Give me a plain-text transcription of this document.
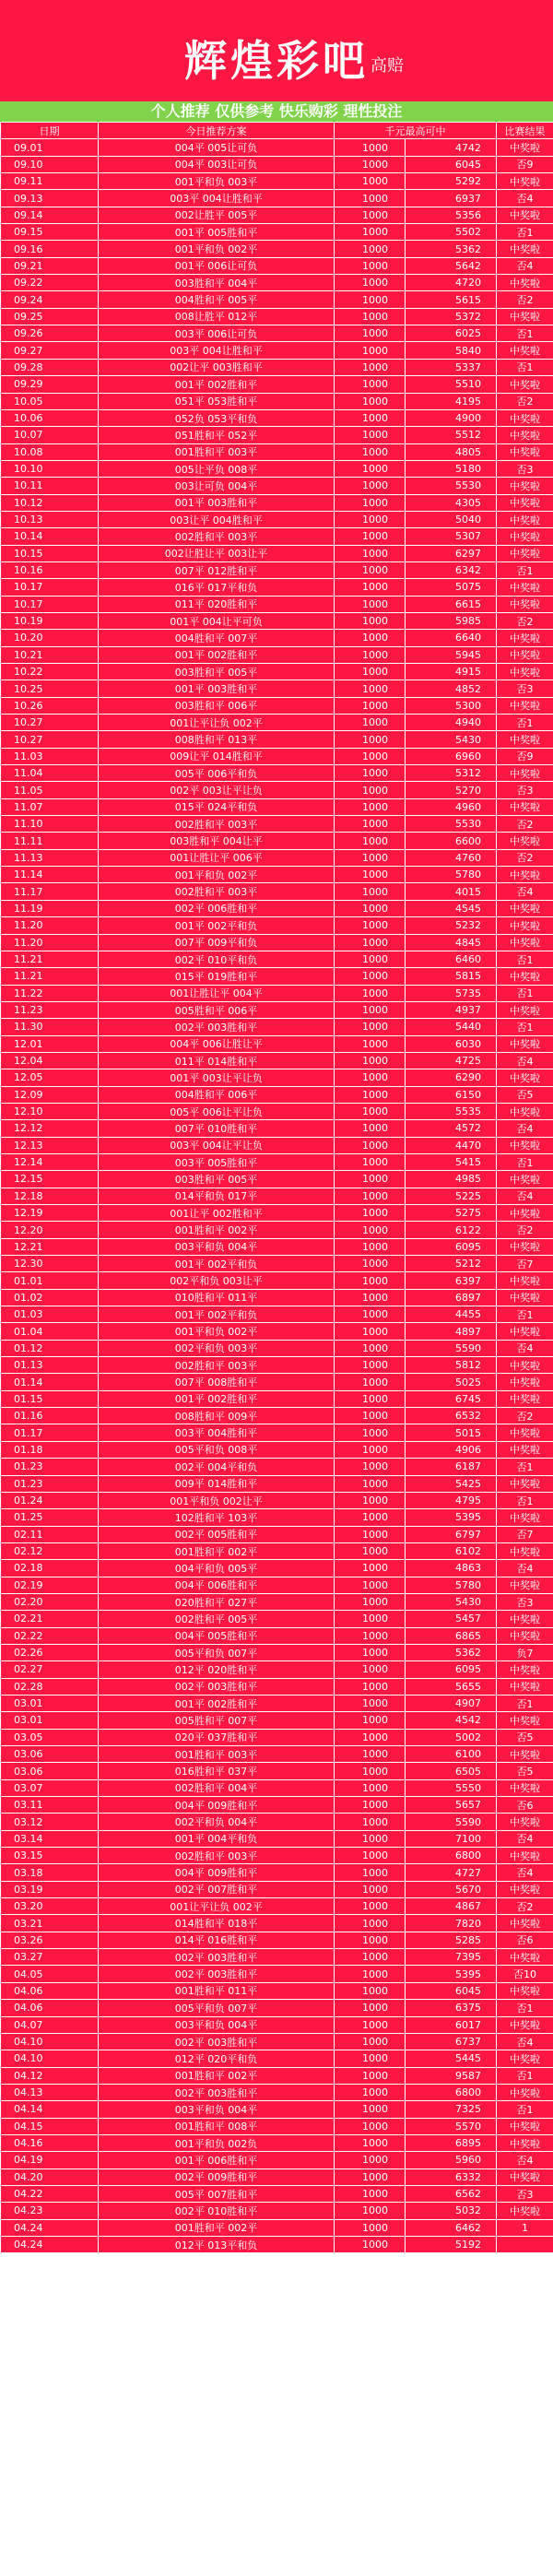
辉煌彩吧 高赔
个人推荐 仅供参考 快乐购彩 理性投注
日期	今日推荐方案	千元最高可中		比赛结果
09.01	004平 005让可负	1000	4742	中奖啦
09.10	004平 003让可负	1000	6045	否9
09.11	001平和负 003平	1000	5292	中奖啦
09.13	003平 004让胜和平	1000	6937	否4
09.14	002让胜平 005平	1000	5356	中奖啦
09.15	001平 005胜和平	1000	5502	否1
09.16	001平和负 002平	1000	5362	中奖啦
09.21	001平 006让可负	1000	5642	否4
09.22	003胜和平 004平	1000	4720	中奖啦
09.24	004胜和平 005平	1000	5615	否2
09.25	008让胜平 012平	1000	5372	中奖啦
09.26	003平 006让可负	1000	6025	否1
09.27	003平 004让胜和平	1000	5840	中奖啦
09.28	002让平 003胜和平	1000	5337	否1
09.29	001平 002胜和平	1000	5510	中奖啦
10.05	051平 053胜和平	1000	4195	否2
10.06	052负 053平和负	1000	4900	中奖啦
10.07	051胜和平 052平	1000	5512	中奖啦
10.08	001胜和平 003平	1000	4805	中奖啦
10.10	005让平负 008平	1000	5180	否3
10.11	003让可负 004平	1000	5530	中奖啦
10.12	001平 003胜和平	1000	4305	中奖啦
10.13	003让平 004胜和平	1000	5040	中奖啦
10.14	002胜和平 003平	1000	5307	中奖啦
10.15	002让胜让平 003让平	1000	6297	中奖啦
10.16	007平 012胜和平	1000	6342	否1
10.17	016平 017平和负	1000	5075	中奖啦
10.17	011平 020胜和平	1000	6615	中奖啦
10.19	001平 004让平可负	1000	5985	否2
10.20	004胜和平 007平	1000	6640	中奖啦
10.21	001平 002胜和平	1000	5945	中奖啦
10.22	003胜和平 005平	1000	4915	中奖啦
10.25	001平 003胜和平	1000	4852	否3
10.26	003胜和平 006平	1000	5300	中奖啦
10.27	001让平让负 002平	1000	4940	否1
10.27	008胜和平 013平	1000	5430	中奖啦
11.03	009让平 014胜和平	1000	6960	否9
11.04	005平 006平和负	1000	5312	中奖啦
11.05	002平 003让平让负	1000	5270	否3
11.07	015平 024平和负	1000	4960	中奖啦
11.10	002胜和平 003平	1000	5530	否2
11.11	003胜和平 004让平	1000	6600	中奖啦
11.13	001让胜让平 006平	1000	4760	否2
11.14	001平和负 002平	1000	5780	中奖啦
11.17	002胜和平 003平	1000	4015	否4
11.19	002平 006胜和平	1000	4545	中奖啦
11.20	001平 002平和负	1000	5232	中奖啦
11.20	007平 009平和负	1000	4845	中奖啦
11.21	002平 010平和负	1000	6460	否1
11.21	015平 019胜和平	1000	5815	中奖啦
11.22	001让胜让平 004平	1000	5735	否1
11.23	005胜和平 006平	1000	4937	中奖啦
11.30	002平 003胜和平	1000	5440	否1
12.01	004平 006让胜让平	1000	6030	中奖啦
12.04	011平 014胜和平	1000	4725	否4
12.05	001平 003让平让负	1000	6290	中奖啦
12.09	004胜和平 006平	1000	6150	否5
12.10	005平 006让平让负	1000	5535	中奖啦
12.12	007平 010胜和平	1000	4572	否4
12.13	003平 004让平让负	1000	4470	中奖啦
12.14	003平 005胜和平	1000	5415	否1
12.15	003胜和平 005平	1000	4985	中奖啦
12.18	014平和负 017平	1000	5225	否4
12.19	001让平 002胜和平	1000	5275	中奖啦
12.20	001胜和平 002平	1000	6122	否2
12.21	003平和负 004平	1000	6095	中奖啦
12.30	001平 002平和负	1000	5212	否7
01.01	002平和负 003让平	1000	6397	中奖啦
01.02	010胜和平 011平	1000	6897	中奖啦
01.03	001平 002平和负	1000	4455	否1
01.04	001平和负 002平	1000	4897	中奖啦
01.12	002平和负 003平	1000	5590	否4
01.13	002胜和平 003平	1000	5812	中奖啦
01.14	007平 008胜和平	1000	5025	中奖啦
01.15	001平 002胜和平	1000	6745	中奖啦
01.16	008胜和平 009平	1000	6532	否2
01.17	003平 004胜和平	1000	5015	中奖啦
01.18	005平和负 008平	1000	4906	中奖啦
01.23	002平 004平和负	1000	6187	否1
01.23	009平 014胜和平	1000	5425	中奖啦
01.24	001平和负 002让平	1000	4795	否1
01.25	102胜和平 103平	1000	5395	中奖啦
02.11	002平 005胜和平	1000	6797	否7
02.12	001胜和平 002平	1000	6102	中奖啦
02.18	004平和负 005平	1000	4863	否4
02.19	004平 006胜和平	1000	5780	中奖啦
02.20	020胜和平 027平	1000	5430	否3
02.21	002胜和平 005平	1000	5457	中奖啦
02.22	004平 005胜和平	1000	6865	中奖啦
02.26	005平和负 007平	1000	5362	负7
02.27	012平 020胜和平	1000	6095	中奖啦
02.28	002平 003胜和平	1000	5655	中奖啦
03.01	001平 002胜和平	1000	4907	否1
03.01	005胜和平 007平	1000	4542	中奖啦
03.05	020平 037胜和平	1000	5002	否5
03.06	001胜和平 003平	1000	6100	中奖啦
03.06	016胜和平 037平	1000	6505	否5
03.07	002胜和平 004平	1000	5550	中奖啦
03.11	004平 009胜和平	1000	5657	否6
03.12	002平和负 004平	1000	5590	中奖啦
03.14	001平 004平和负	1000	7100	否4
03.15	002胜和平 003平	1000	6800	中奖啦
03.18	004平 009胜和平	1000	4727	否4
03.19	002平 007胜和平	1000	5670	中奖啦
03.20	001让平让负 002平	1000	4867	否2
03.21	014胜和平 018平	1000	7820	中奖啦
03.26	014平 016胜和平	1000	5285	否6
03.27	002平 003胜和平	1000	7395	中奖啦
04.05	002平 003胜和平	1000	5395	否10
04.06	001胜和平 011平	1000	6045	中奖啦
04.06	005平和负 007平	1000	6375	否1
04.07	003平和负 004平	1000	6017	中奖啦
04.10	002平 003胜和平	1000	6737	否4
04.10	012平 020平和负	1000	5445	中奖啦
04.12	001胜和平 002平	1000	9587	否1
04.13	002平 003胜和平	1000	6800	中奖啦
04.14	003平和负 004平	1000	7325	否1
04.15	001胜和平 008平	1000	5570	中奖啦
04.16	001平和负 002负	1000	6895	中奖啦
04.19	001平 006胜和平	1000	5960	否4
04.20	002平 009胜和平	1000	6332	中奖啦
04.22	005平 007胜和平	1000	6562	否3
04.23	002平 010胜和平	1000	5032	中奖啦
04.24	001胜和平 002平	1000	6462	1
04.24	012平 013平和负	1000	5192	
